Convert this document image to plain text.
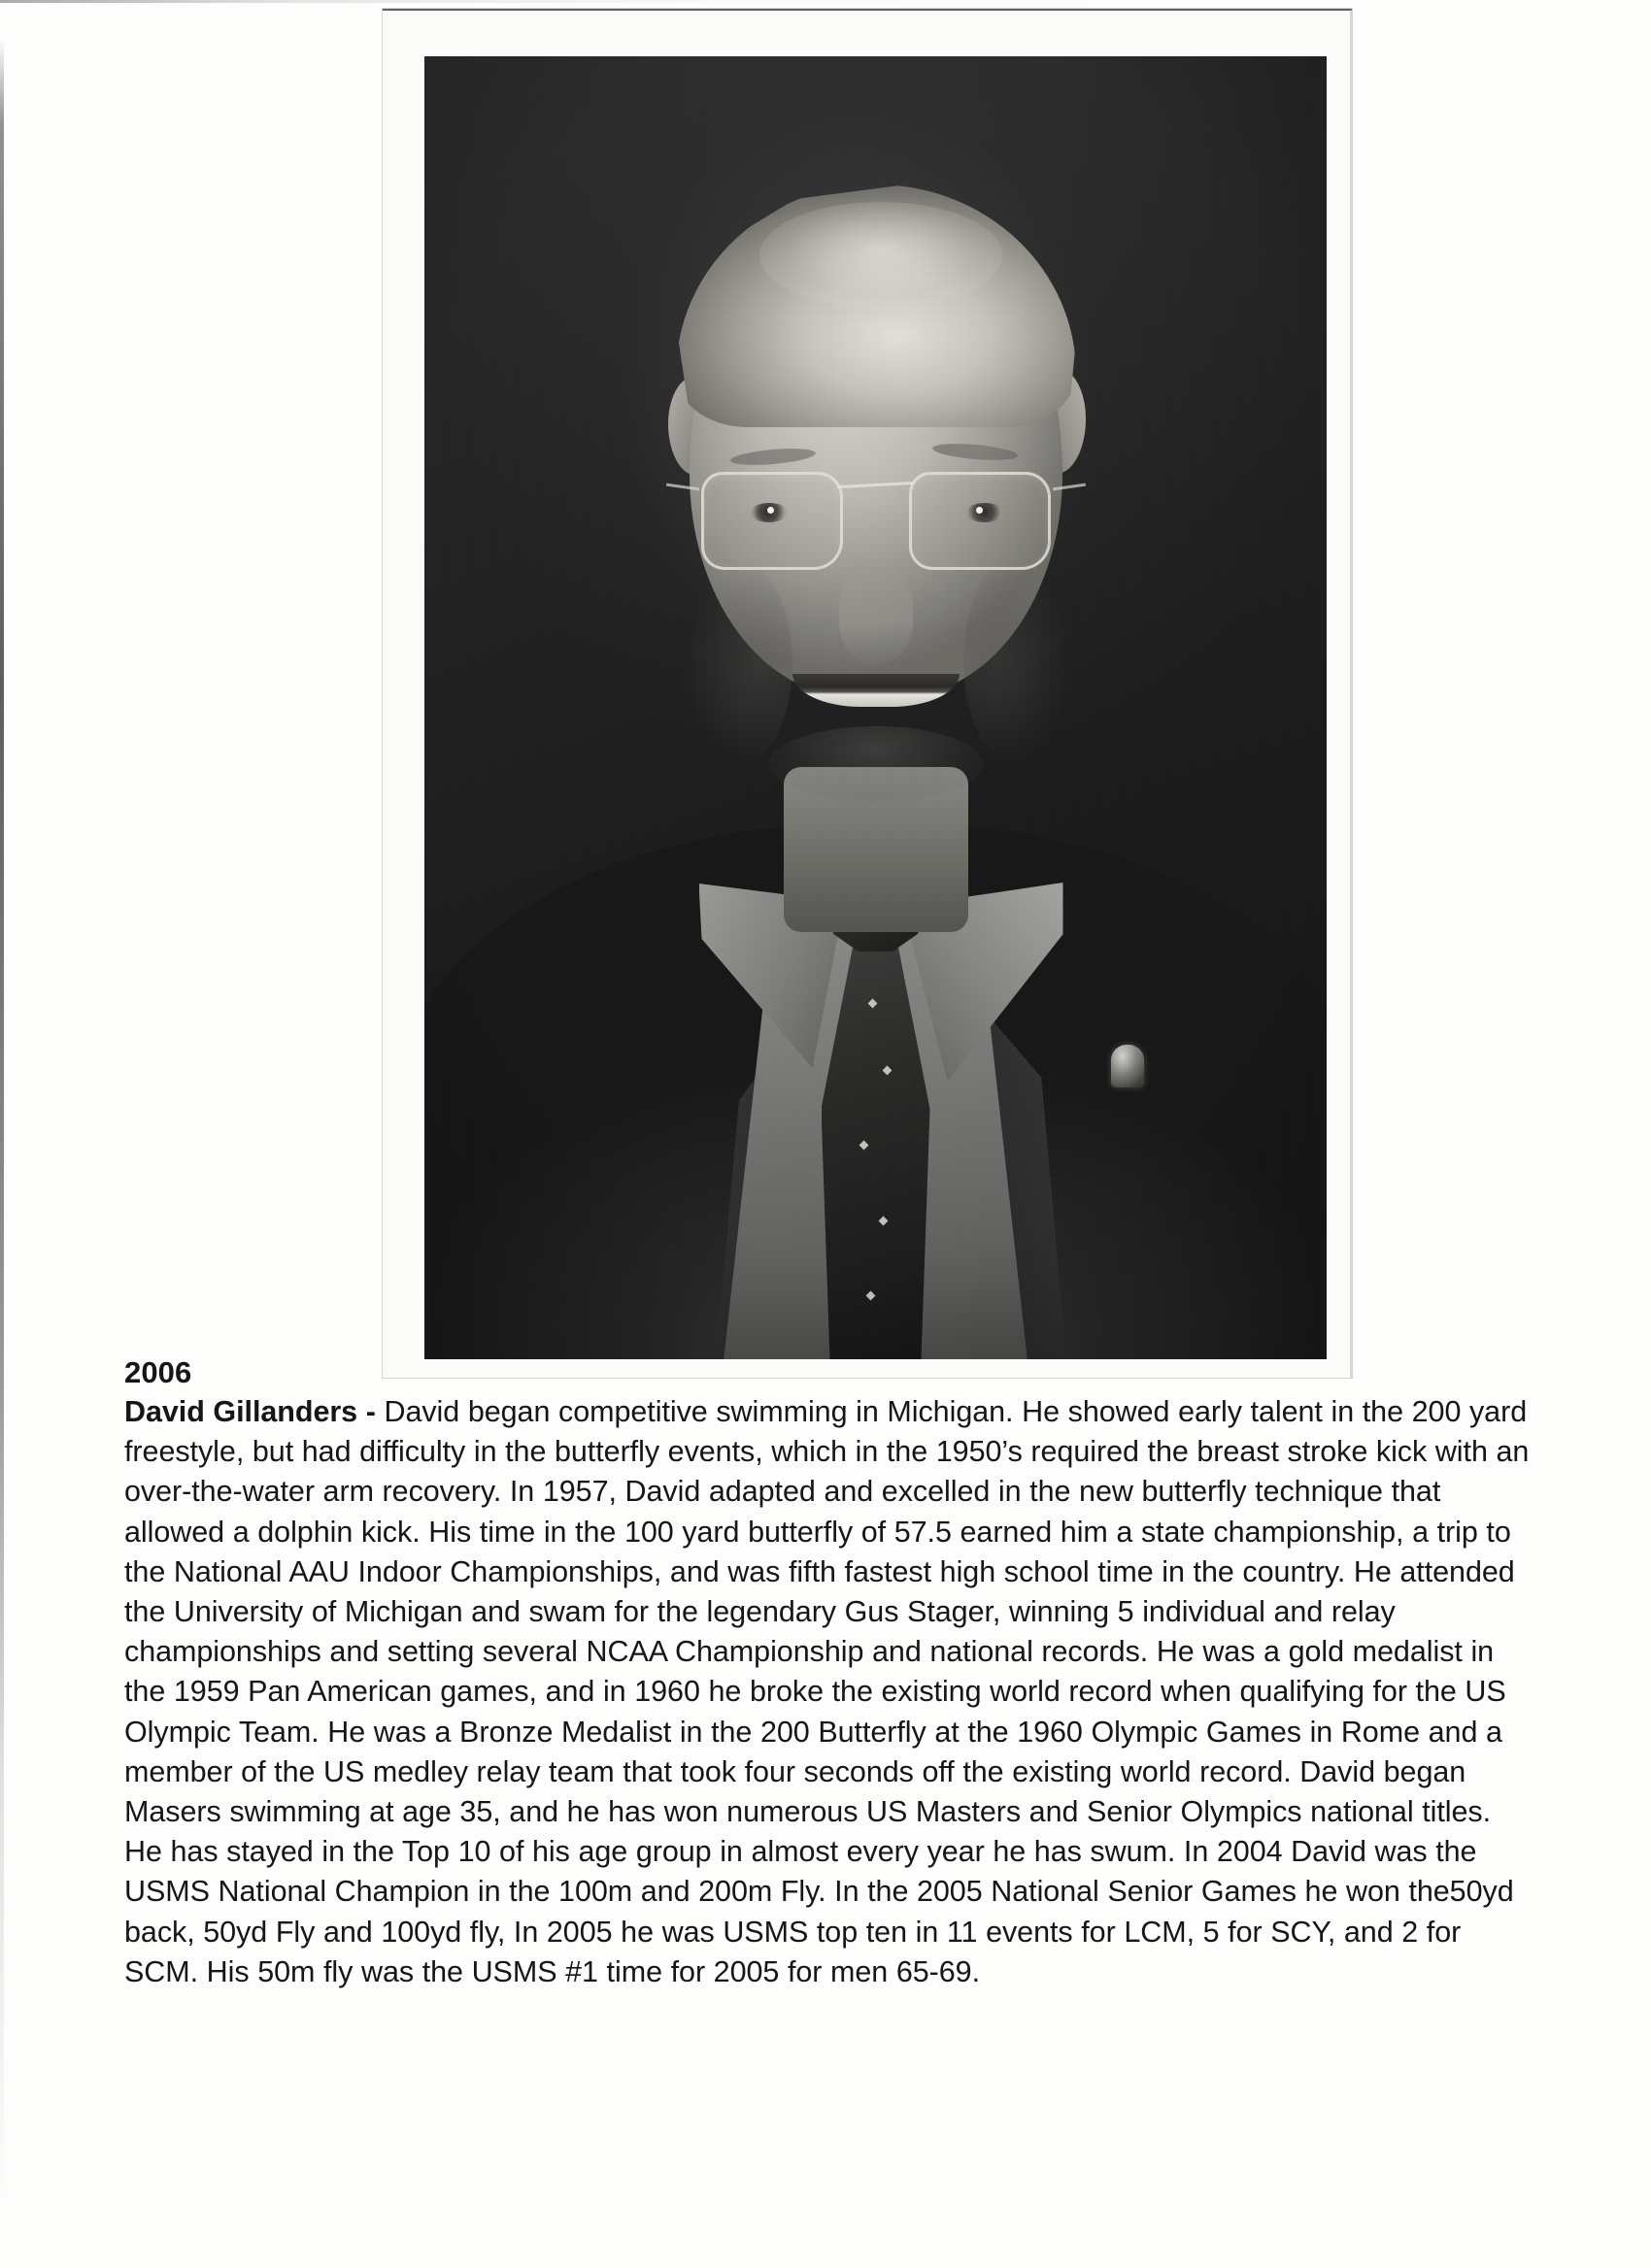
2006

David Gillanders - David began competitive swimming in Michigan. He showed early talent in the 200 yard freestyle, but had difficulty in the butterfly events, which in the 1950’s required the breast stroke kick with an over-the-water arm recovery. In 1957, David adapted and excelled in the new butterfly technique that allowed a dolphin kick. His time in the 100 yard butterfly of 57.5 earned him a state championship, a trip to the National AAU Indoor Championships, and was fifth fastest high school time in the country. He attended the University of Michigan and swam for the legendary Gus Stager, winning 5 individual and relay championships and setting several NCAA Championship and national records. He was a gold medalist in the 1959 Pan American games, and in 1960 he broke the existing world record when qualifying for the US Olympic Team. He was a Bronze Medalist in the 200 Butterfly at the 1960 Olympic Games in Rome and a member of the US medley relay team that took four seconds off the existing world record. David began Masers swimming at age 35, and he has won numerous US Masters and Senior Olympics national titles. He has stayed in the Top 10 of his age group in almost every year he has swum. In 2004 David was the USMS National Champion in the 100m and 200m Fly. In the 2005 National Senior Games he won the50yd back, 50yd Fly and 100yd fly, In 2005 he was USMS top ten in 11 events for LCM, 5 for SCY, and 2 for SCM. His 50m fly was the USMS #1 time for 2005 for men 65-69.
